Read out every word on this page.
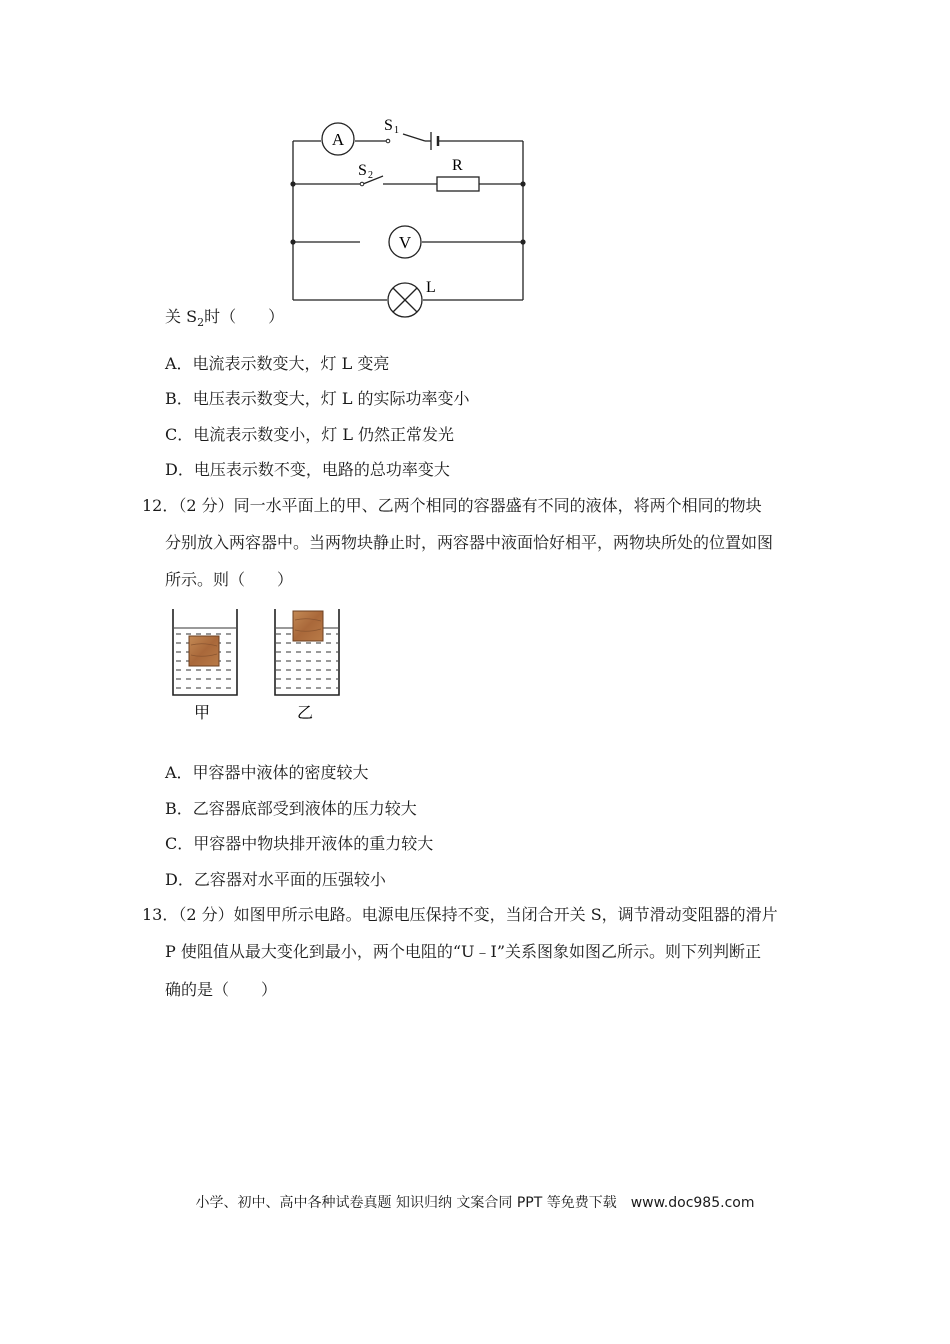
A
S 1
S 2
R
V
L
关 $S_2$时（　　）
A．电流表示数变大，灯 L 变亮
B．电压表示数变大，灯 L 的实际功率变小
C．电流表示数变小，灯 L 仍然正常发光
D．电压表示数不变，电路的总功率变大
12．（2 分）同一水平面上的甲、乙两个相同的容器盛有不同的液体，将两个相同的物块
分别放入两容器中。当两物块静止时，两容器中液面恰好相平，两物块所处的位置如图
所示。则（　　）
甲	乙
A．甲容器中液体的密度较大
B．乙容器底部受到液体的压力较大
C．甲容器中物块排开液体的重力较大
D．乙容器对水平面的压强较小
13．（2 分）如图甲所示电路。电源电压保持不变，当闭合开关 S，调节滑动变阻器的滑片
P 使阻值从最大变化到最小，两个电阻的“U﹣I”关系图象如图乙所示。则下列判断正
确的是（　　）
小学、初中、高中各种试卷真题 知识归纳 文案合同 PPT 等免费下载　www.doc985.com
